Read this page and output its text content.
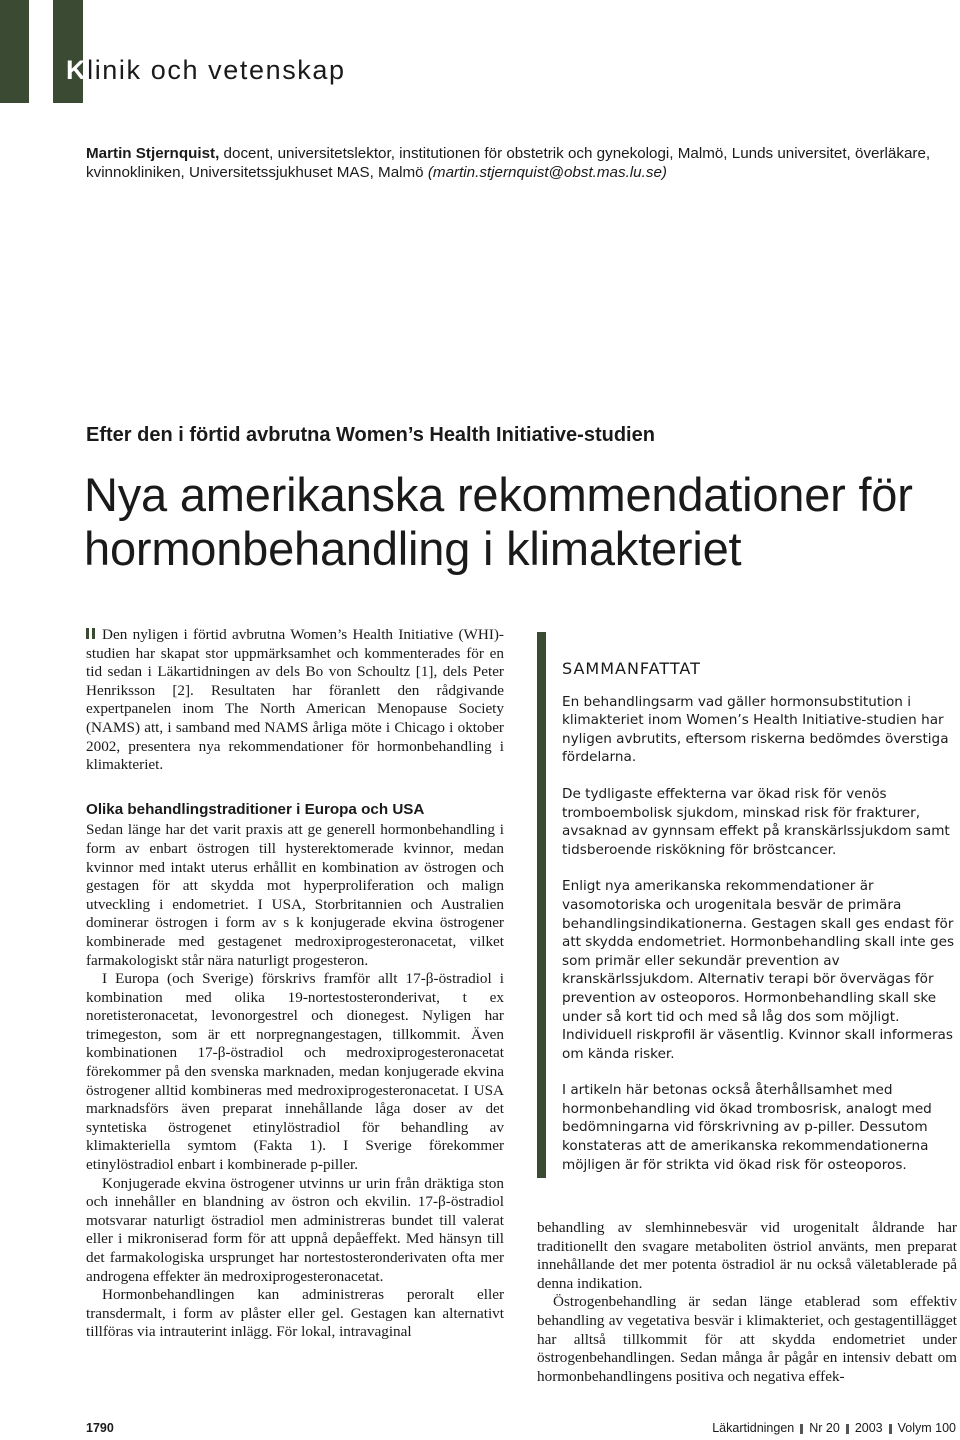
Klinik och vetenskap
Martin Stjernquist, docent, universitetslektor, institutionen för obstetrik och gynekologi, Malmö, Lunds universitet, överläkare, kvinnokliniken, Universitetssjukhuset MAS, Malmö (martin.stjernquist@obst.mas.lu.se)
Efter den i förtid avbrutna Women’s Health Initiative-studien
Nya amerikanska rekommendationer för hormonbehandling i klimakteriet

Den nyligen i förtid avbrutna Women’s Health Initiative (WHI)-studien har skapat stor uppmärksamhet och kommenterades för en tid sedan i Läkartidningen av dels Bo von Schoultz [1], dels Peter Henriksson [2]. Resultaten har föranlett den rådgivande expertpanelen inom The North American Menopause Society (NAMS) att, i samband med NAMS årliga möte i Chicago i oktober 2002, presentera nya rekommendationer för hormonbehandling i klimakteriet.

Olika behandlingstraditioner i Europa och USA

Sedan länge har det varit praxis att ge generell hormonbehandling i form av enbart östrogen till hysterektomerade kvinnor, medan kvinnor med intakt uterus erhållit en kombination av östrogen och gestagen för att skydda mot hyperproliferation och malign utveckling i endometriet. I USA, Storbritannien och Australien dominerar östrogen i form av s k konjugerade ekvina östrogener kombinerade med gestagenet medroxiprogesteronacetat, vilket farmakologiskt står nära naturligt progesteron.

I Europa (och Sverige) förskrivs framför allt 17-β-östradiol i kombination med olika 19-nortestosteronderivat, t ex noretisteronacetat, levonorgestrel och dionegest. Nyligen har trimegeston, som är ett norpregnangestagen, tillkommit. Även kombinationen 17-β-östradiol och medroxiprogesteronacetat förekommer på den svenska marknaden, medan konjugerade ekvina östrogener alltid kombineras med medroxiprogesteronacetat. I USA marknadsförs även preparat innehållande låga doser av det syntetiska östrogenet etinylöstradiol för behandling av klimakteriella symtom (Fakta 1). I Sverige förekommer etinylöstradiol enbart i kombinerade p-piller.

Konjugerade ekvina östrogener utvinns ur urin från dräktiga ston och innehåller en blandning av östron och ekvilin. 17-β-östradiol motsvarar naturligt östradiol men administreras bundet till valerat eller i mikroniserad form för att uppnå depåeffekt. Med hänsyn till det farmakologiska ursprunget har nortestosteronderivaten ofta mer androgena effekter än medroxiprogesteronacetat.

Hormonbehandlingen kan administreras peroralt eller transdermalt, i form av plåster eller gel. Gestagen kan alternativt tillföras via intrauterint inlägg. För lokal, intravaginal

SAMMANFATTAT

En behandlingsarm vad gäller hormonsubstitution i klimakteriet inom Women’s Health Initiative-studien har nyligen avbrutits, eftersom riskerna bedömdes överstiga fördelarna.

De tydligaste effekterna var ökad risk för venös tromboembolisk sjukdom, minskad risk för frakturer, avsaknad av gynnsam effekt på kranskärlssjukdom samt tidsberoende riskökning för bröstcancer.

Enligt nya amerikanska rekommendationer är vasomotoriska och urogenitala besvär de primära behandlingsindikationerna. Gestagen skall ges endast för att skydda endometriet. Hormonbehandling skall inte ges som primär eller sekundär prevention av kranskärlssjukdom. Alternativ terapi bör övervägas för prevention av osteoporos. Hormonbehandling skall ske under så kort tid och med så låg dos som möjligt. Individuell riskprofil är väsentlig. Kvinnor skall informeras om kända risker.

I artikeln här betonas också återhållsamhet med hormonbehandling vid ökad trombosrisk, analogt med bedömningarna vid förskrivning av p-piller. Dessutom konstateras att de amerikanska rekommendationerna möjligen är för strikta vid ökad risk för osteoporos.

behandling av slemhinnebesvär vid urogenitalt åldrande har traditionellt den svagare metaboliten östriol använts, men preparat innehållande det mer potenta östradiol är nu också väletablerade på denna indikation.

Östrogenbehandling är sedan länge etablerad som effektiv behandling av vegetativa besvär i klimakteriet, och gestagentillägget har alltså tillkommit för att skydda endometriet under östrogenbehandlingen. Sedan många år pågår en intensiv debatt om hormonbehandlingens positiva och negativa effek-

1790	Läkartidningen Nr 20 2003 Volym 100
